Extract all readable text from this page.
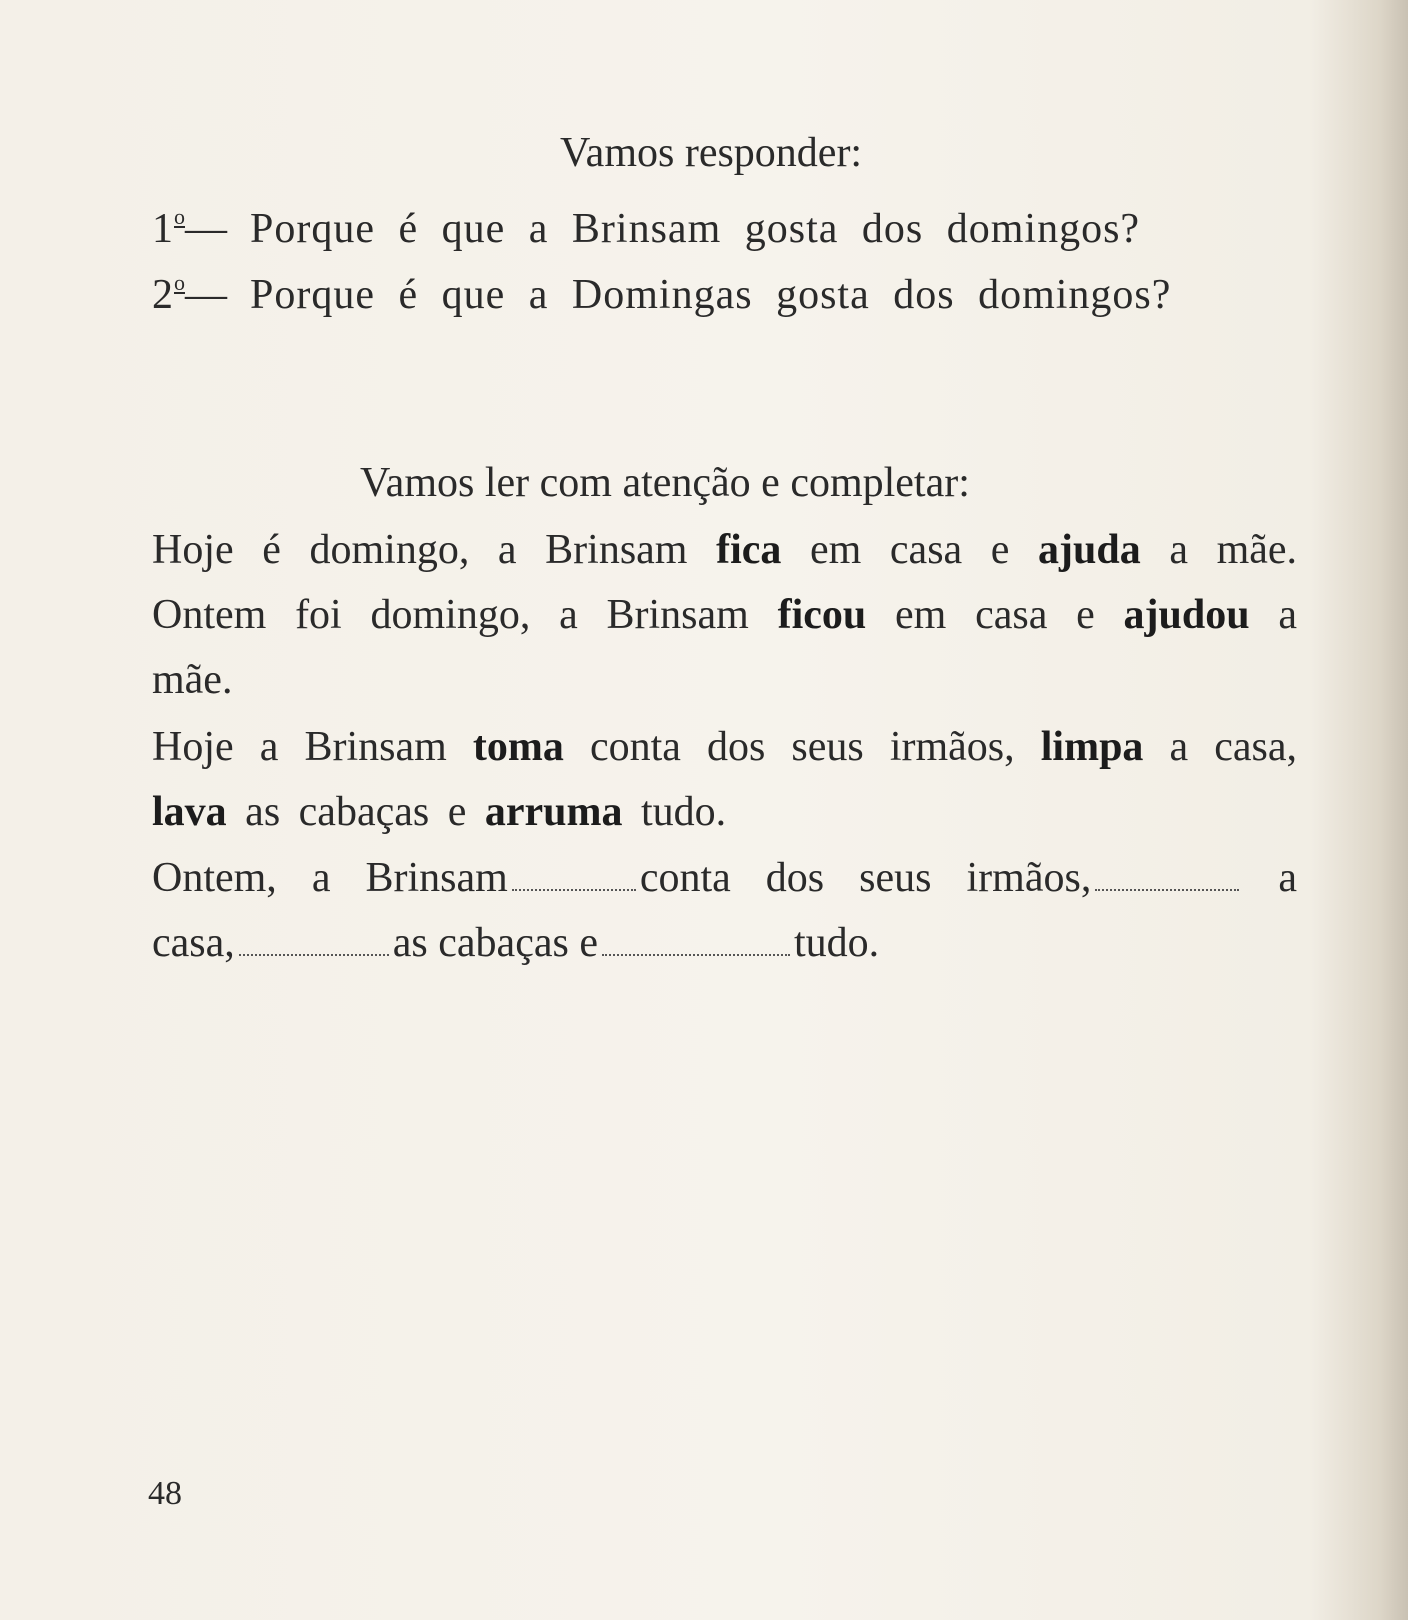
Vamos responder:
1$^o$— Porque é que a Brinsam gosta dos domingos?
2$^o$— Porque é que a Domingas gosta dos domingos?
Vamos ler com atenção e completar:
Hoje é domingo, a Brinsam fica em casa e ajuda a mãe.
Ontem foi domingo, a Brinsam ficou em casa e ajudou a
mãe.
Hoje a Brinsam toma conta dos seus irmãos, limpa a casa,
lava as cabaças e arruma tudo.
Ontem, a Brinsam	conta dos seus irmãos,	a
casa,	as cabaças e	tudo.
48
